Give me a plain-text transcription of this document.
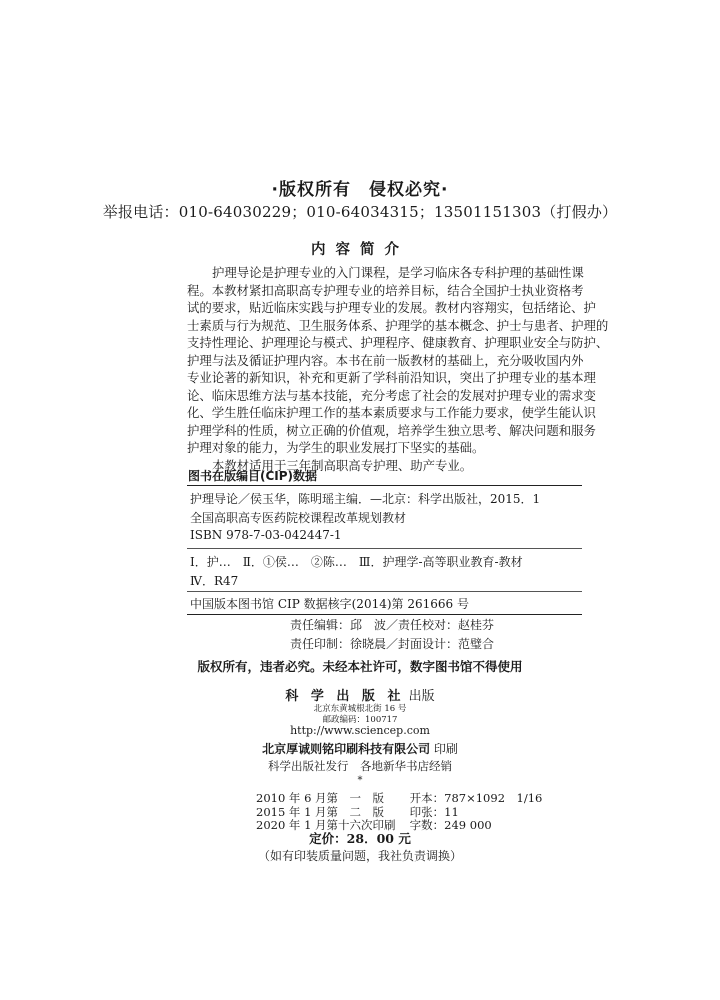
·版权所有　侵权必究·
举报电话：010-64030229；010-64034315；13501151303（打假办）
内容简介
护理导论是护理专业的入门课程，是学习临床各专科护理的基础性课
程。本教材紧扣高职高专护理专业的培养目标，结合全国护士执业资格考
试的要求，贴近临床实践与护理专业的发展。教材内容翔实，包括绪论、护
士素质与行为规范、卫生服务体系、护理学的基本概念、护士与患者、护理的
支持性理论、护理理论与模式、护理程序、健康教育、护理职业安全与防护、
护理与法及循证护理内容。本书在前一版教材的基础上，充分吸收国内外
专业论著的新知识，补充和更新了学科前沿知识，突出了护理专业的基本理
论、临床思维方法与基本技能，充分考虑了社会的发展对护理专业的需求变
化、学生胜任临床护理工作的基本素质要求与工作能力要求，使学生能认识
护理学科的性质，树立正确的价值观，培养学生独立思考、解决问题和服务
护理对象的能力，为学生的职业发展打下坚实的基础。
本教材适用于三年制高职高专护理、助产专业。
图书在版编目(CIP)数据
护理导论／侯玉华，陈明瑶主编．—北京：科学出版社，2015．1
全国高职高专医药院校课程改革规划教材
ISBN 978-7-03-042447-1
Ⅰ．护…　Ⅱ．①侯…　②陈…　Ⅲ．护理学-高等职业教育-教材
Ⅳ．R47
中国版本图书馆 CIP 数据核字(2014)第 261666 号
责任编辑：邱　波／责任校对：赵桂芬
责任印制：徐晓晨／封面设计：范璧合
版权所有，违者必究。未经本社许可，数字图书馆不得使用
科 学 出 版 社 出版
北京东黄城根北街 16 号
邮政编码：100717
http://www.sciencep.com
北京厚诚则铭印刷科技有限公司 印刷
科学出版社发行　各地新华书店经销
*
2010 年 6 月第　一　版 开本：787×1092　1/16
2015 年 1 月第　二　版 印张：11
2020 年 1 月第十六次印刷 字数：249 000
定价：28．00 元
（如有印装质量问题，我社负责调换）
